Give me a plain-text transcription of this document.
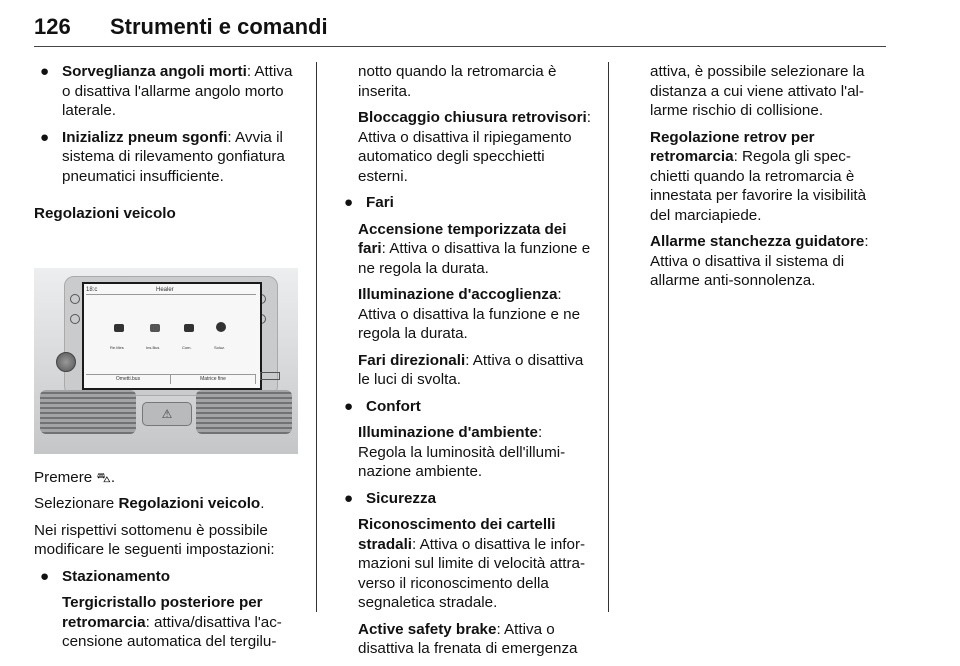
126 Strumenti e comandi
● Sorveglianza angoli morti: Attiva o disattiva l'allarme angolo morto laterale.
● Inizializz pneum sgonfi: Avvia il sistema di rilevamento gonfiatura pneumatici insufficiente.

Regolazioni veicolo

18:c	Healer
Re.Mes	Ins.Bus	Com.	Soluz.
Ometti.bus	Matrice fine
⚠

Premere ⛍.

Selezionare Regolazioni veicolo.

Nei rispettivi sottomenu è possibile modificare le seguenti impostazioni:

● Stazionamento

Tergicristallo posteriore per retromarcia: attiva/disattiva l'ac-censione automatica del tergilu-

notto quando la retromarcia è inserita.

Bloccaggio chiusura retrovisori: Attiva o disattiva il ripiegamento automatico degli specchietti esterni.

● Fari

Accensione temporizzata dei fari: Attiva o disattiva la funzione e ne regola la durata.

Illuminazione d'accoglienza: Attiva o disattiva la funzione e ne regola la durata.

Fari direzionali: Attiva o disattiva le luci di svolta.

● Confort

Illuminazione d'ambiente: Regola la luminosità dell'illumi-nazione ambiente.

● Sicurezza

Riconoscimento dei cartelli stradali: Attiva o disattiva le infor-mazioni sul limite di velocità attra-verso il riconoscimento della segnaletica stradale.

Active safety brake: Attiva o disattiva la frenata di emergenza

attiva, è possibile selezionare la distanza a cui viene attivato l'al-larme rischio di collisione.

Regolazione retrov per retromarcia: Regola gli spec-chietti quando la retromarcia è innestata per favorire la visibilità del marciapiede.

Allarme stanchezza guidatore: Attiva o disattiva il sistema di allarme anti-sonnolenza.
